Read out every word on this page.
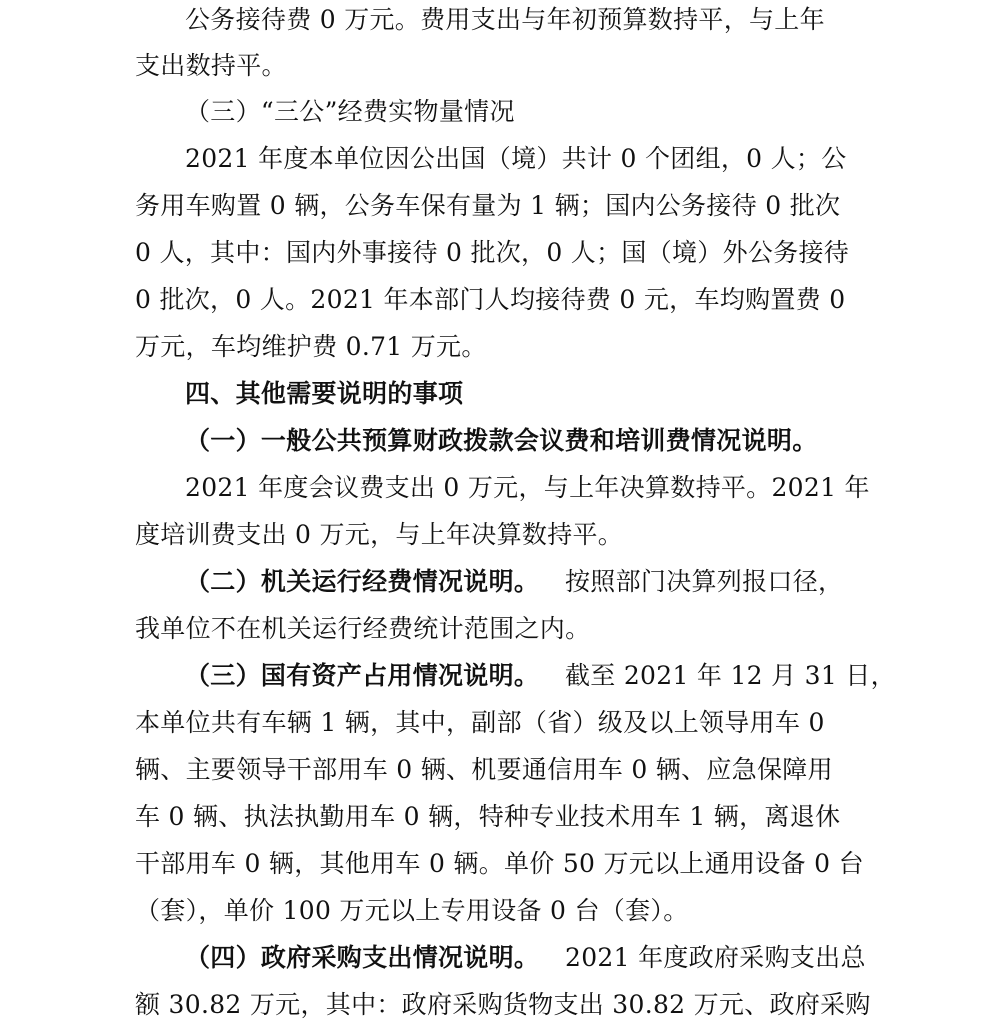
公务接待费 0 万元。费用支出与年初预算数持平，与上年
支出数持平。
（三）“三公”经费实物量情况
2021 年度本单位因公出国（境）共计 0 个团组，0 人；公
务用车购置 0 辆，公务车保有量为 1 辆；国内公务接待 0 批次
0 人，其中：国内外事接待 0 批次，0 人；国（境）外公务接待
0 批次，0 人。2021 年本部门人均接待费 0 元，车均购置费 0
万元，车均维护费 0.71 万元。
四、其他需要说明的事项
（一）一般公共预算财政拨款会议费和培训费情况说明。
2021 年度会议费支出 0 万元，与上年决算数持平。2021 年
度培训费支出 0 万元，与上年决算数持平。
（二）机关运行经费情况说明。 按照部门决算列报口径，
我单位不在机关运行经费统计范围之内。
（三）国有资产占用情况说明。 截至 2021 年 12 月 31 日，
本单位共有车辆 1 辆，其中，副部（省）级及以上领导用车 0
辆、主要领导干部用车 0 辆、机要通信用车 0 辆、应急保障用
车 0 辆、执法执勤用车 0 辆，特种专业技术用车 1 辆，离退休
干部用车 0 辆，其他用车 0 辆。单价 50 万元以上通用设备 0 台
（套），单价 100 万元以上专用设备 0 台（套）。
（四）政府采购支出情况说明。 2021 年度政府采购支出总
额 30.82 万元，其中：政府采购货物支出 30.82 万元、政府采购
